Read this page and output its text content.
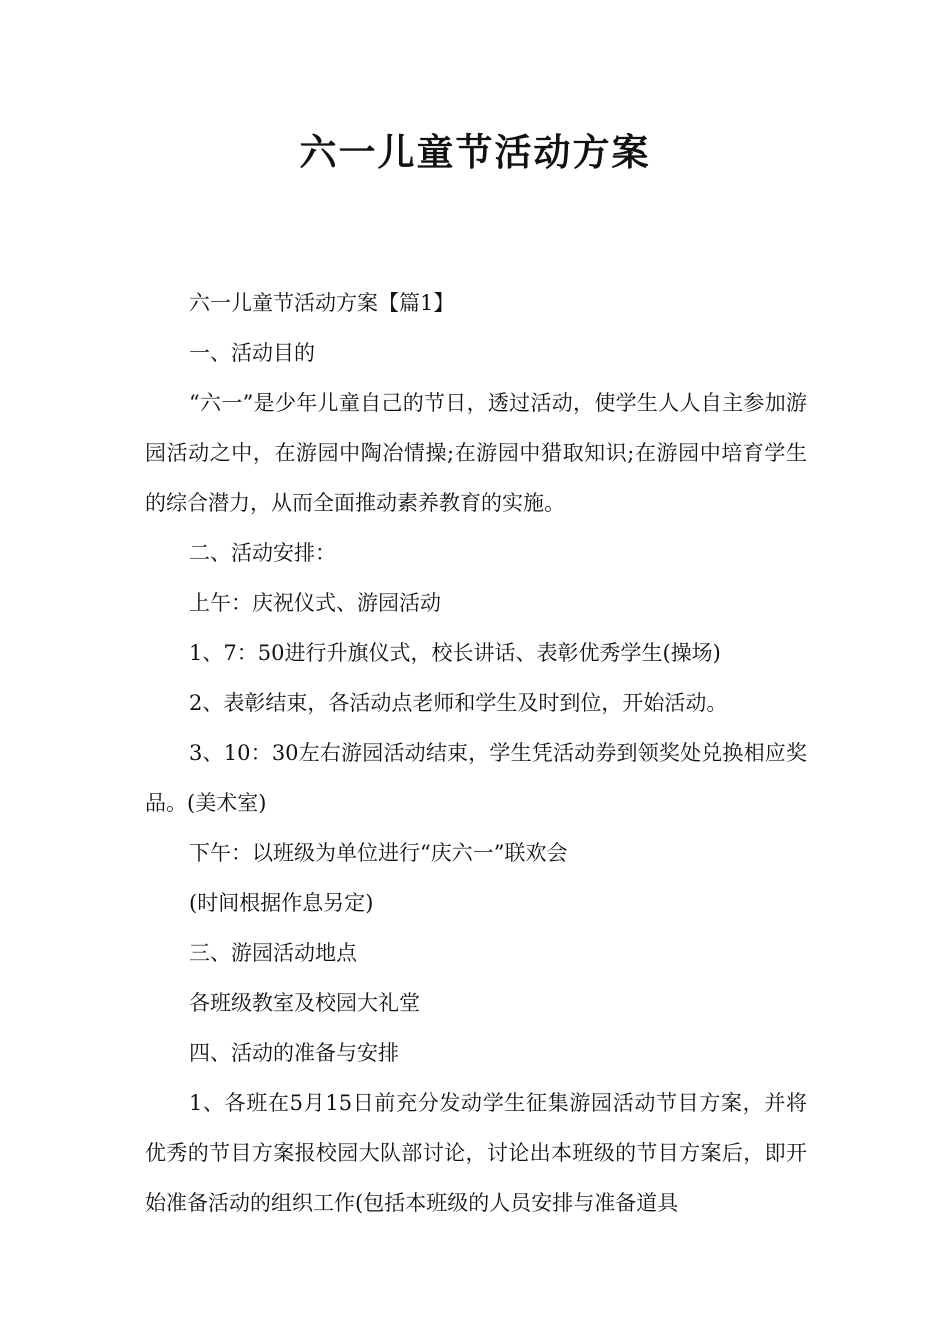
六一儿童节活动方案

六一儿童节活动方案【篇1】

一、活动目的

“六一”是少年儿童自己的节日，透过活动，使学生人人自主参加游园活动之中，在游园中陶冶情操;在游园中猎取知识;在游园中培育学生的综合潜力，从而全面推动素养教育的实施。

二、活动安排：

上午：庆祝仪式、游园活动

1、7：50进行升旗仪式，校长讲话、表彰优秀学生(操场)

2、表彰结束，各活动点老师和学生及时到位，开始活动。

3、10：30左右游园活动结束，学生凭活动券到领奖处兑换相应奖品。(美术室)

下午：以班级为单位进行“庆六一”联欢会

(时间根据作息另定)

三、游园活动地点

各班级教室及校园大礼堂

四、活动的准备与安排

1、各班在5月15日前充分发动学生征集游园活动节目方案，并将优秀的节目方案报校园大队部讨论，讨论出本班级的节目方案后，即开始准备活动的组织工作(包括本班级的人员安排与准备道具
